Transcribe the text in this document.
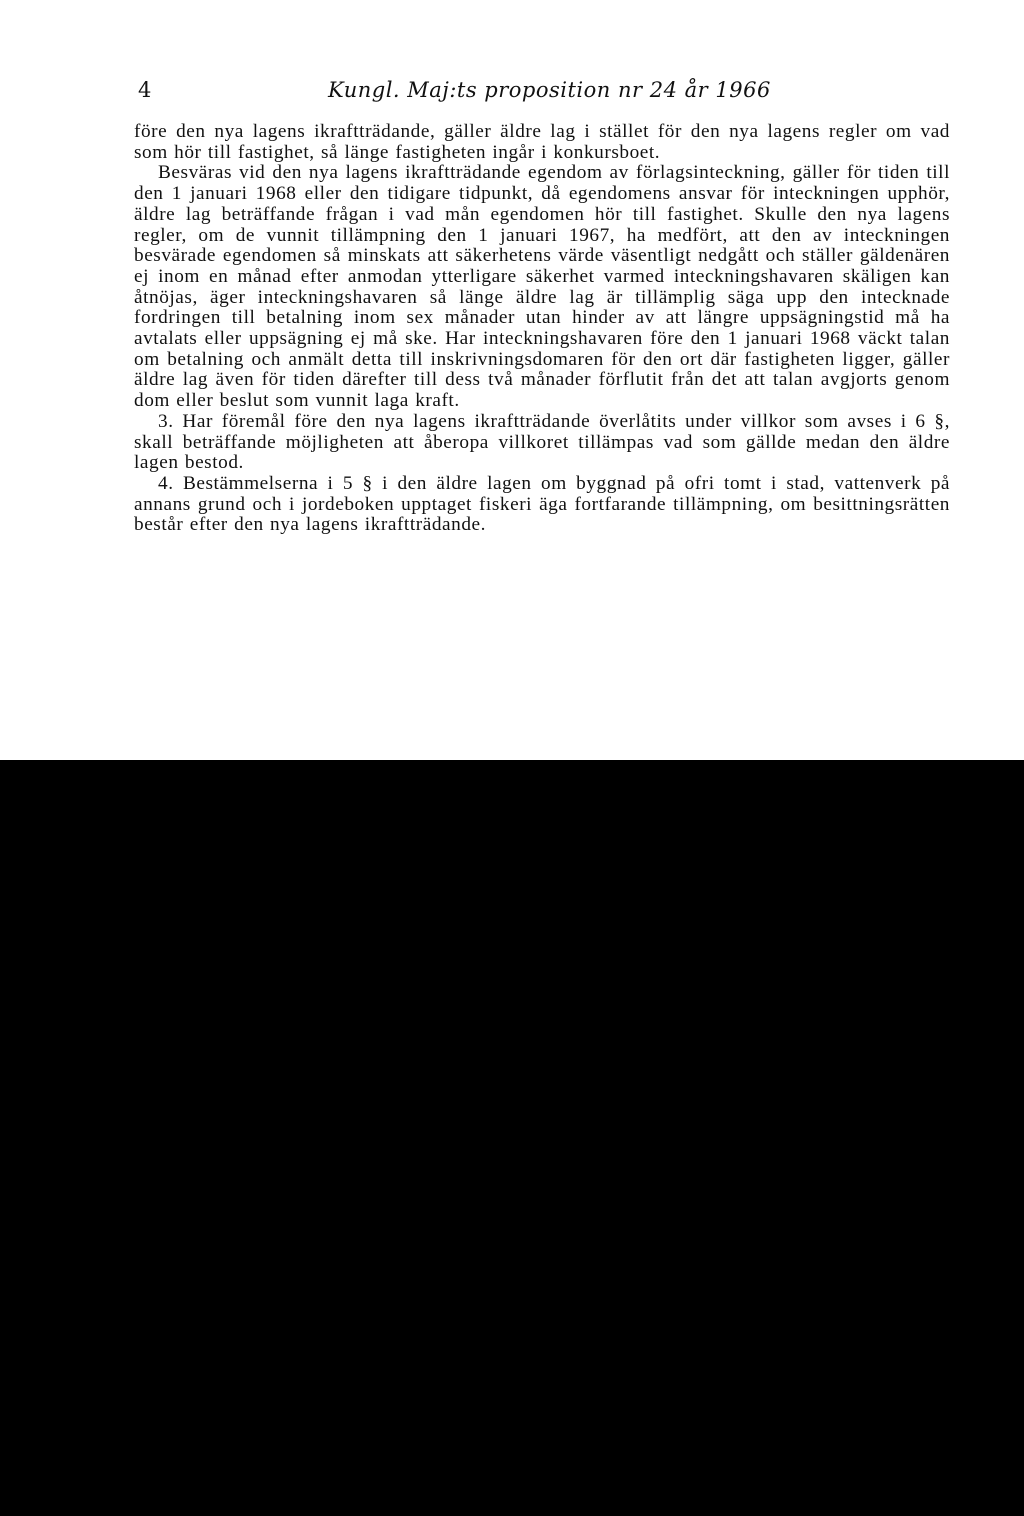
4	Kungl. Maj:ts proposition nr 24 år 1966

före den nya lagens ikraftträdande, gäller äldre lag i stället för den nya lagens regler om vad som hör till fastighet, så länge fastigheten ingår i konkursboet.

Besväras vid den nya lagens ikraftträdande egendom av förlagsinteckning, gäller för tiden till den 1 januari 1968 eller den tidigare tidpunkt, då egendomens ansvar för inteckningen upphör, äldre lag beträffande frågan i vad mån egendomen hör till fastighet. Skulle den nya lagens regler, om de vunnit tillämpning den 1 januari 1967, ha medfört, att den av inteckningen besvärade egendomen så minskats att säkerhetens värde väsentligt nedgått och ställer gäldenären ej inom en månad efter anmodan ytterligare säkerhet varmed inteckningshavaren skäligen kan åtnöjas, äger inteckningshavaren så länge äldre lag är tillämplig säga upp den intecknade fordringen till betalning inom sex månader utan hinder av att längre uppsägningstid må ha avtalats eller uppsägning ej må ske. Har inteckningshavaren före den 1 januari 1968 väckt talan om betalning och anmält detta till inskrivningsdomaren för den ort där fastigheten ligger, gäller äldre lag även för tiden därefter till dess två månader förflutit från det att talan avgjorts genom dom eller beslut som vunnit laga kraft.

3. Har föremål före den nya lagens ikraftträdande överlåtits under villkor som avses i 6 §, skall beträffande möjligheten att åberopa villkoret tillämpas vad som gällde medan den äldre lagen bestod.

4. Bestämmelserna i 5 § i den äldre lagen om byggnad på ofri tomt i stad, vattenverk på annans grund och i jordeboken upptaget fiskeri äga fortfarande tillämpning, om besittningsrätten består efter den nya lagens ikraftträdande.
